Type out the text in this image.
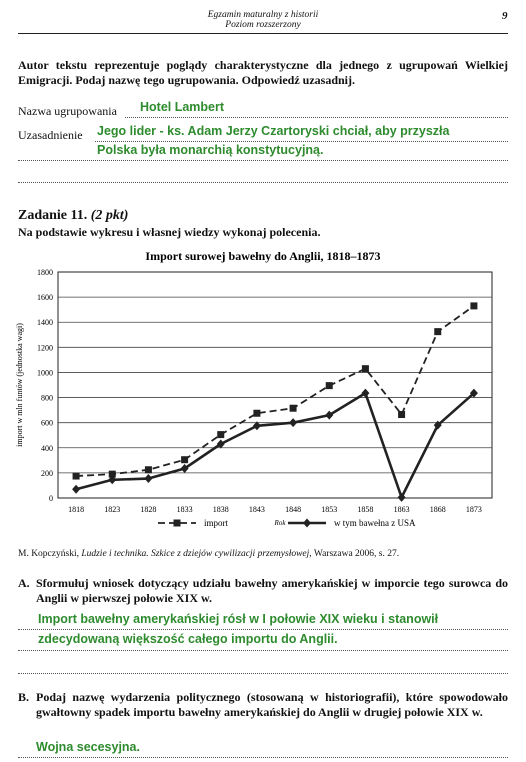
Egzamin maturalny z historii
Poziom rozszerzony
9
Autor tekstu reprezentuje poglądy charakterystyczne dla jednego z ugrupowań Wielkiej Emigracji. Podaj nazwę tego ugrupowania. Odpowiedź uzasadnij.
Nazwa ugrupowania Hotel Lambert
Uzasadnienie Jego lider - ks. Adam Jerzy Czartoryski chciał, aby przyszła
Polska była monarchią konstytucyjną.
Zadanie 11. (2 pkt)
Na podstawie wykresu i własnej wiedzy wykonaj polecenia.
Import surowej bawełny do Anglii, 1818–1873
import w mln funtów (jednostka wagi)
Rok
0
200
400
600
800
1000
1200
1400
1600
1800
1818	1823	1828	1833	1838	1843	1848	1853	1858	1863	1868	1873
import	w tym bawełna z USA
M. Kopczyński, Ludzie i technika. Szkice z dziejów cywilizacji przemysłowej, Warszawa 2006, s. 27.
A. Sformułuj wniosek dotyczący udziału bawełny amerykańskiej w imporcie tego surowca do Anglii w pierwszej połowie XIX w.
Import bawełny amerykańskiej rósł w I połowie XIX wieku i stanowił
zdecydowaną większość całego importu do Anglii.
B. Podaj nazwę wydarzenia politycznego (stosowaną w historiografii), które spowodowało gwałtowny spadek importu bawełny amerykańskiej do Anglii w drugiej połowie XIX w.
Wojna secesyjna.
